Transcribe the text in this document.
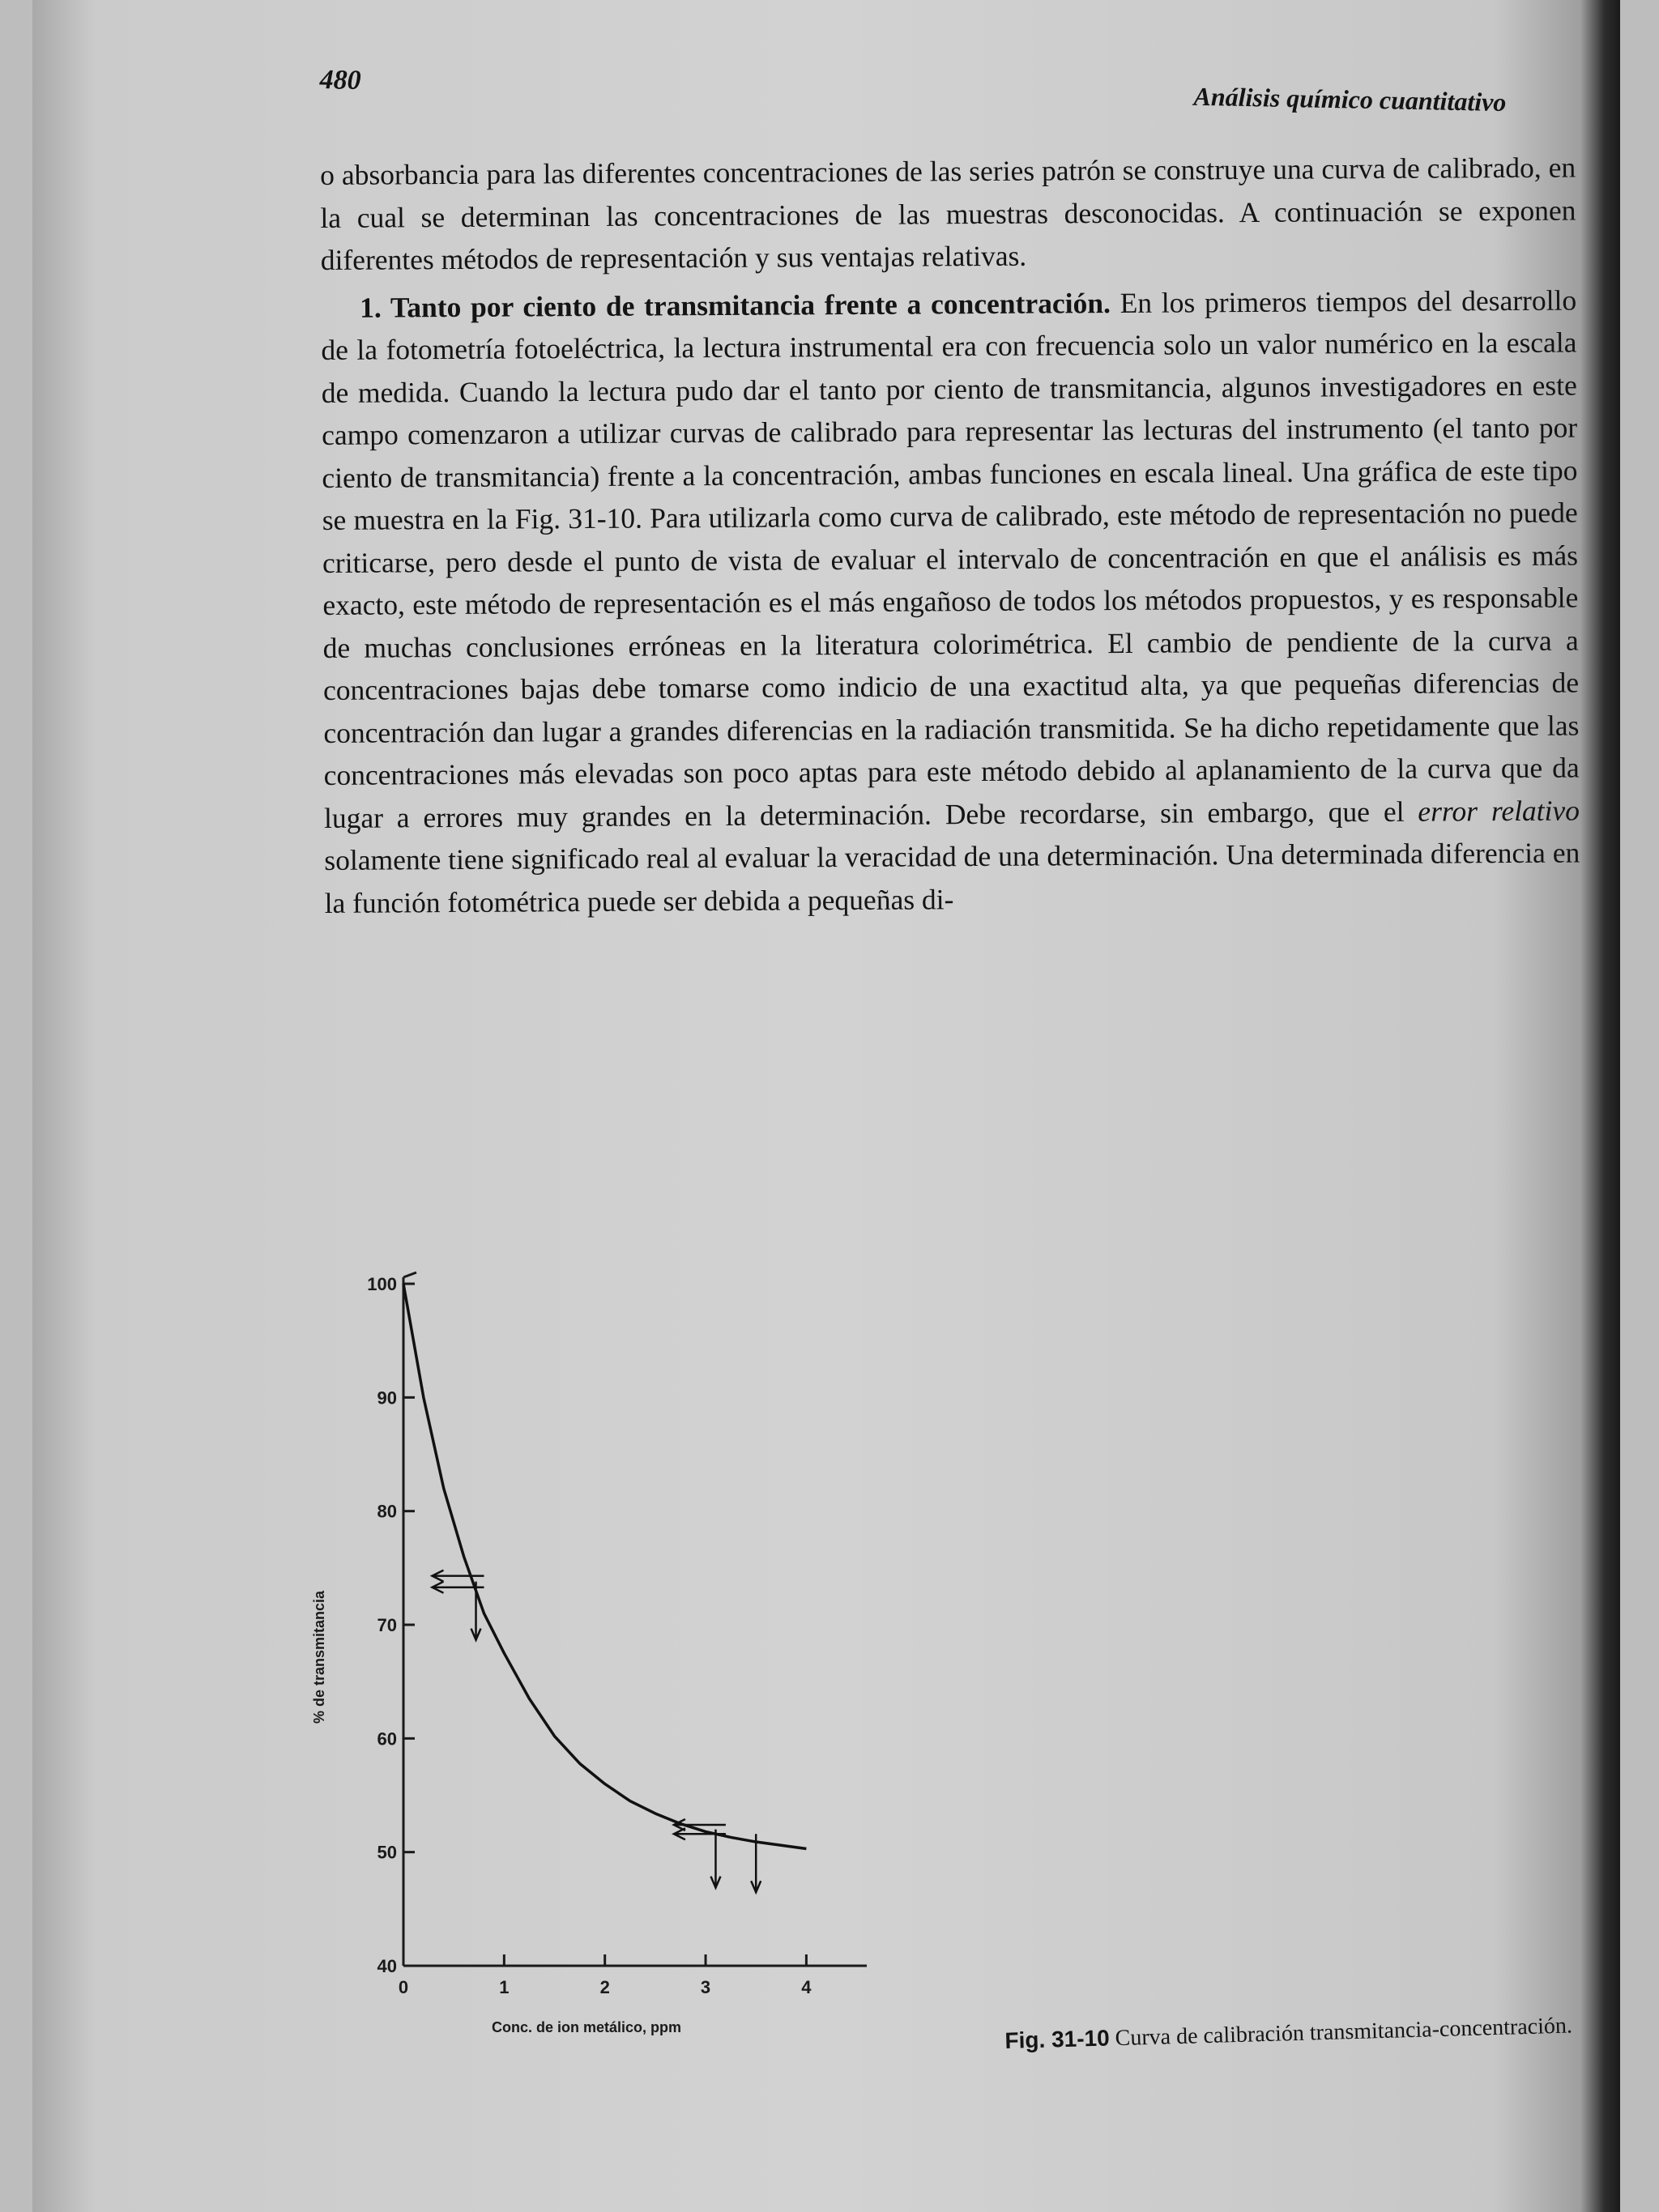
480
Análisis químico cuantitativo

o absorbancia para las diferentes concentraciones de las series patrón se construye una curva de calibrado, en la cual se determinan las concentraciones de las muestras desconocidas. A continuación se exponen diferentes métodos de representación y sus ventajas relativas.

1. Tanto por ciento de transmitancia frente a concentración. En los primeros tiempos del desarrollo de la fotometría fotoeléctrica, la lectura instrumental era con frecuencia solo un valor numérico en la escala de medida. Cuando la lectura pudo dar el tanto por ciento de transmitancia, algunos investigadores en este campo comenzaron a utilizar curvas de calibrado para representar las lecturas del instrumento (el tanto por ciento de transmitancia) frente a la concentración, ambas funciones en escala lineal. Una gráfica de este tipo se muestra en la Fig. 31-10. Para utilizarla como curva de calibrado, este método de representación no puede criticarse, pero desde el punto de vista de evaluar el intervalo de concentración en que el análisis es más exacto, este método de representación es el más engañoso de todos los métodos propuestos, y es responsable de muchas conclusiones erróneas en la literatura colorimétrica. El cambio de pendiente de la curva a concentraciones bajas debe tomarse como indicio de una exactitud alta, ya que pequeñas diferencias de concentración dan lugar a grandes diferencias en la radiación transmitida. Se ha dicho repetidamente que las concentraciones más elevadas son poco aptas para este método debido al aplanamiento de la curva que da lugar a errores muy grandes en la determinación. Debe recordarse, sin embargo, que el error relativo solamente tiene significado real al evaluar la veracidad de una determinación. Una determinada diferencia en la función fotométrica puede ser debida a pequeñas di-

40
50
60
70
80
90
100
0	1	2	3	4
Conc. de ion metálico, ppm
% de transmitancia
Fig. 31-10 Curva de calibración transmitancia-concentración.
